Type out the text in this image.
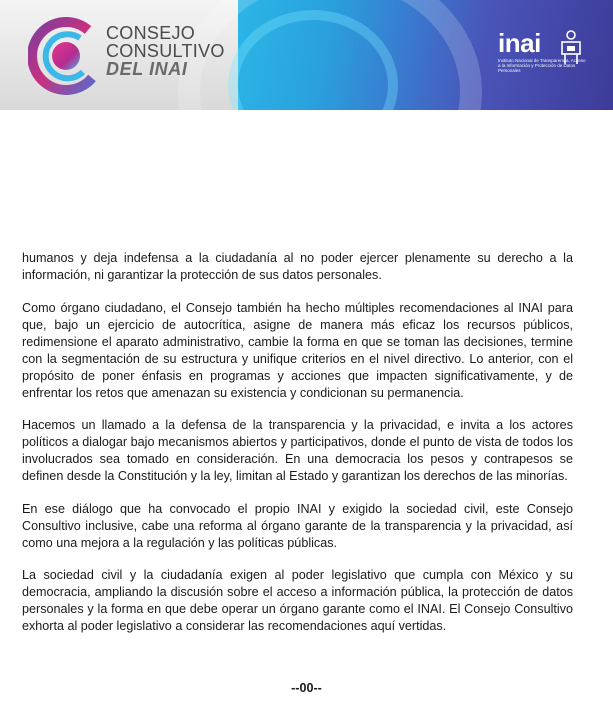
CONSEJO
CONSULTIVO
DEL INAI
inai
Instituto Nacional de Transparencia, Acceso a la Información y Protección de Datos Personales

humanos y deja indefensa a la ciudadanía al no poder ejercer plenamente su derecho a la información, ni garantizar la protección de sus datos personales.

Como órgano ciudadano, el Consejo también ha hecho múltiples recomendaciones al INAI para que, bajo un ejercicio de autocrítica, asigne de manera más eficaz los recursos públicos, redimensione el aparato administrativo, cambie la forma en que se toman las decisiones, termine con la segmentación de su estructura y unifique criterios en el nivel directivo. Lo anterior, con el propósito de poner énfasis en programas y acciones que impacten significativamente, y de enfrentar los retos que amenazan su existencia y condicionan su permanencia.

Hacemos un llamado a la defensa de la transparencia y la privacidad, e invita a los actores políticos a dialogar bajo mecanismos abiertos y participativos, donde el punto de vista de todos los involucrados sea tomado en consideración. En una democracia los pesos y contrapesos se definen desde la Constitución y la ley, limitan al Estado y garantizan los derechos de las minorías.

En ese diálogo que ha convocado el propio INAI y exigido la sociedad civil, este Consejo Consultivo inclusive, cabe una reforma al órgano garante de la transparencia y la privacidad, así como una mejora a la regulación y las políticas públicas.

La sociedad civil y la ciudadanía exigen al poder legislativo que cumpla con México y su democracia, ampliando la discusión sobre el acceso a información pública, la protección de datos personales y la forma en que debe operar un órgano garante como el INAI. El Consejo Consultivo exhorta al poder legislativo a considerar las recomendaciones aquí vertidas.

--00--
